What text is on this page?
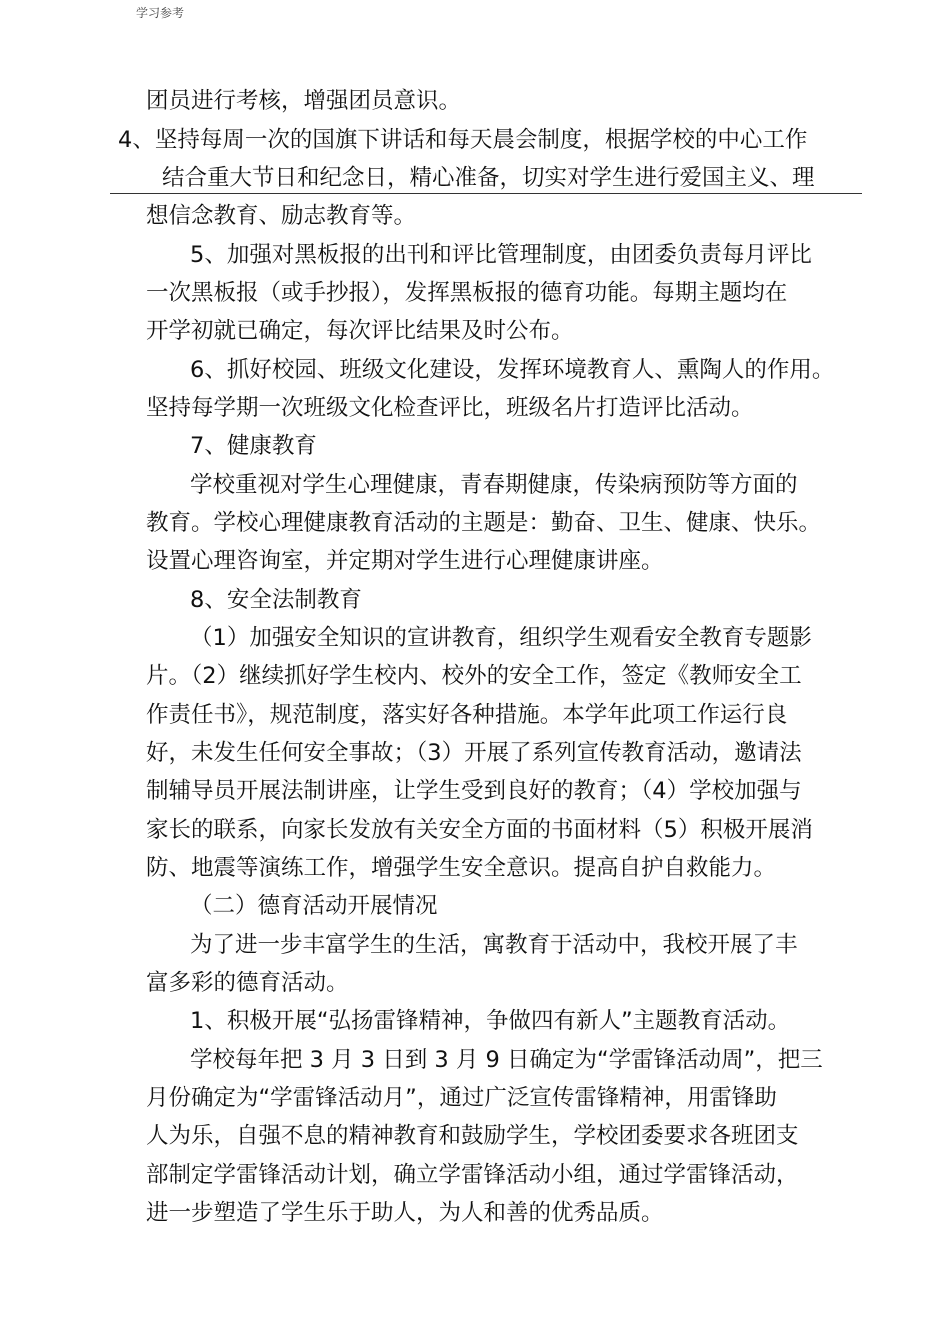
学习参考

团员进行考核，增强团员意识。

4、坚持每周一次的国旗下讲话和每天晨会制度，根据学校的中心工作

结合重大节日和纪念日，精心准备，切实对学生进行爱国主义、理

想信念教育、励志教育等。

5、加强对黑板报的出刊和评比管理制度，由团委负责每月评比

一次黑板报（或手抄报），发挥黑板报的德育功能。每期主题均在

开学初就已确定，每次评比结果及时公布。

6、抓好校园、班级文化建设，发挥环境教育人、熏陶人的作用。

坚持每学期一次班级文化检查评比，班级名片打造评比活动。

7、健康教育

学校重视对学生心理健康，青春期健康，传染病预防等方面的

教育。学校心理健康教育活动的主题是：勤奋、卫生、健康、快乐。

设置心理咨询室，并定期对学生进行心理健康讲座。

8、安全法制教育

（1）加强安全知识的宣讲教育，组织学生观看安全教育专题影

片。（2）继续抓好学生校内、校外的安全工作，签定《教师安全工

作责任书》，规范制度，落实好各种措施。本学年此项工作运行良

好，未发生任何安全事故；（3）开展了系列宣传教育活动，邀请法

制辅导员开展法制讲座，让学生受到良好的教育；（4）学校加强与

家长的联系，向家长发放有关安全方面的书面材料（5）积极开展消

防、地震等演练工作，增强学生安全意识。提高自护自救能力。

（二）德育活动开展情况

为了进一步丰富学生的生活，寓教育于活动中，我校开展了丰

富多彩的德育活动。

1、积极开展“弘扬雷锋精神，争做四有新人”主题教育活动。

学校每年把 3 月 3 日到 3 月 9 日确定为“学雷锋活动周”，把三

月份确定为“学雷锋活动月”，通过广泛宣传雷锋精神，用雷锋助

人为乐，自强不息的精神教育和鼓励学生，学校团委要求各班团支

部制定学雷锋活动计划，确立学雷锋活动小组，通过学雷锋活动，

进一步塑造了学生乐于助人，为人和善的优秀品质。
